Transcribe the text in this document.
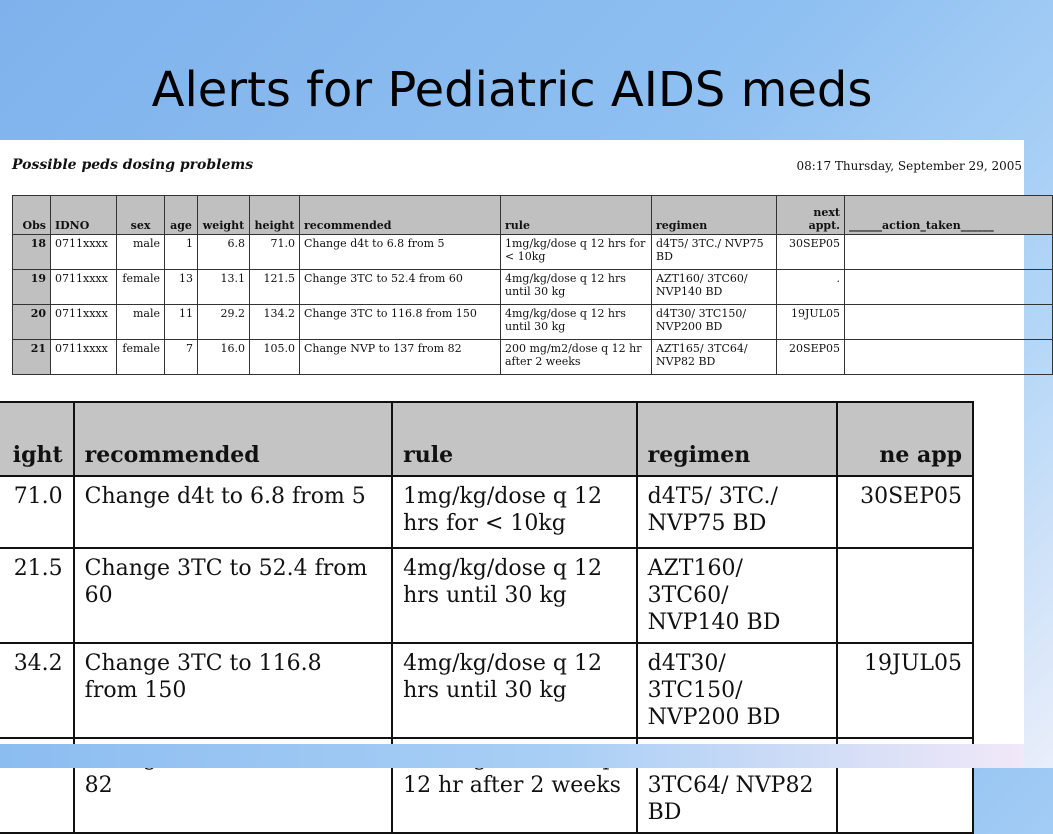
Alerts for Pediatric AIDS meds
Possible peds dosing problems	08:17 Thursday, September 29, 2005
Obs	IDNO	sex	age	weight	height	recommended	rule	regimen	next appt.	______action_taken______
18	0711xxxx	male	1	6.8	71.0	Change d4t to 6.8 from 5	1mg/kg/dose q 12 hrs for < 10kg	d4T5/ 3TC./ NVP75 BD	30SEP05	
19	0711xxxx	female	13	13.1	121.5	Change 3TC to 52.4 from 60	4mg/kg/dose q 12 hrs until 30 kg	AZT160/ 3TC60/ NVP140 BD	.	
20	0711xxxx	male	11	29.2	134.2	Change 3TC to 116.8 from 150	4mg/kg/dose q 12 hrs until 30 kg	d4T30/ 3TC150/ NVP200 BD	19JUL05	
21	0711xxxx	female	7	16.0	105.0	Change NVP to 137 from 82	200 mg/m2/dose q 12 hr after 2 weeks	AZT165/ 3TC64/ NVP82 BD	20SEP05	
ight	recommended	rule	regimen	ne app
71.0	Change d4t to 6.8 from 5	1mg/kg/dose q 12 hrs for < 10kg	d4T5/ 3TC./ NVP75 BD	30SEP05
21.5	Change 3TC to 52.4 from 60	4mg/kg/dose q 12 hrs until 30 kg	AZT160/ 3TC60/ NVP140 BD	
34.2	Change 3TC to 116.8 from 150	4mg/kg/dose q 12 hrs until 30 kg	d4T30/ 3TC150/ NVP200 BD	19JUL05
	82	12 hr after 2 weeks	3TC64/ NVP82 BD	
